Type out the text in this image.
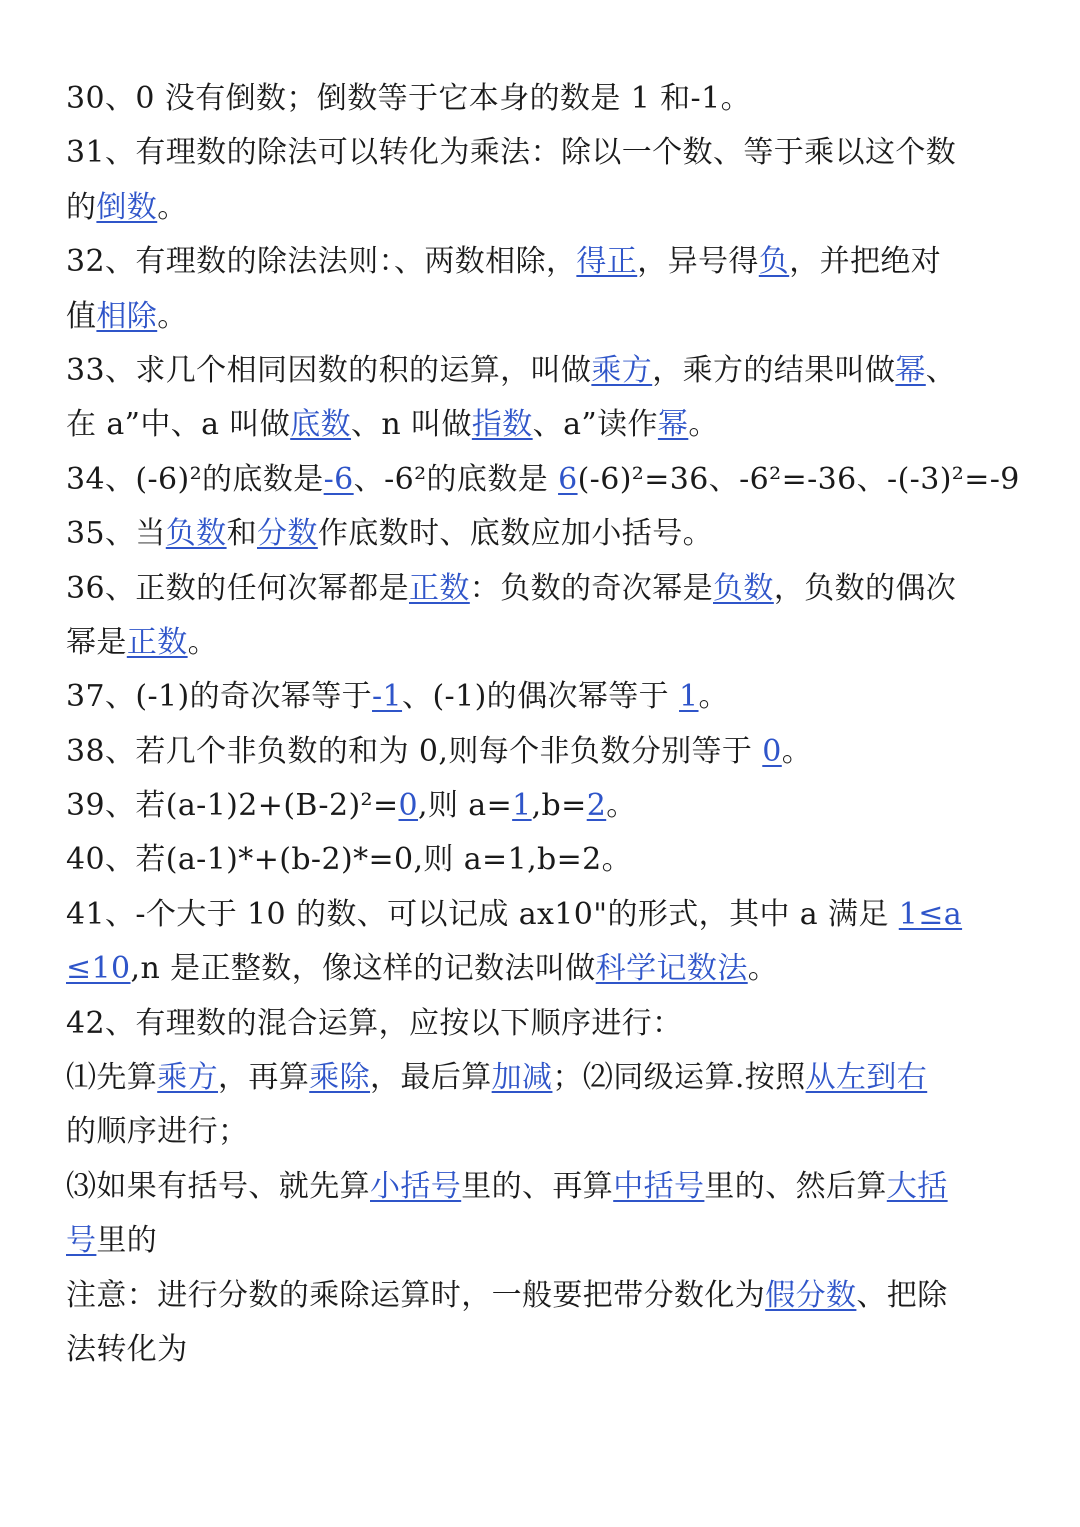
30、0 没有倒数；倒数等于它本身的数是 1 和-1。
31、有理数的除法可以转化为乘法：除以一个数、等于乘以这个数
的倒数。
32、有理数的除法法则：、两数相除，得正，异号得负，并把绝对
值相除。
33、求几个相同因数的积的运算，叫做乘方，乘方的结果叫做幂、
在 a”中、a 叫做底数、n 叫做指数、a”读作幂。
34、(-6)²的底数是-6、-6²的底数是 6(-6)²=36、-6²=-36、-(-3)²=-9
35、当负数和分数作底数时、底数应加小括号。
36、正数的任何次幂都是正数：负数的奇次幂是负数，负数的偶次
幂是正数。
37、(-1)的奇次幂等于-1、(-1)的偶次幂等于 1。
38、若几个非负数的和为 0,则每个非负数分别等于 0。
39、若(a-1)2+(B-2)²=0,则 a=1,b=2。
40、若(a-1)*+(b-2)*=0,则 a=1,b=2。
41、-个大于 10 的数、可以记成 ax10"的形式，其中 a 满足 1≤a
≤10,n 是正整数，像这样的记数法叫做科学记数法。
42、有理数的混合运算，应按以下顺序进行：
⑴先算乘方，再算乘除，最后算加减；⑵同级运算.按照从左到右
的顺序进行；
⑶如果有括号、就先算小括号里的、再算中括号里的、然后算大括
号里的
注意：进行分数的乘除运算时，一般要把带分数化为假分数、把除
法转化为
